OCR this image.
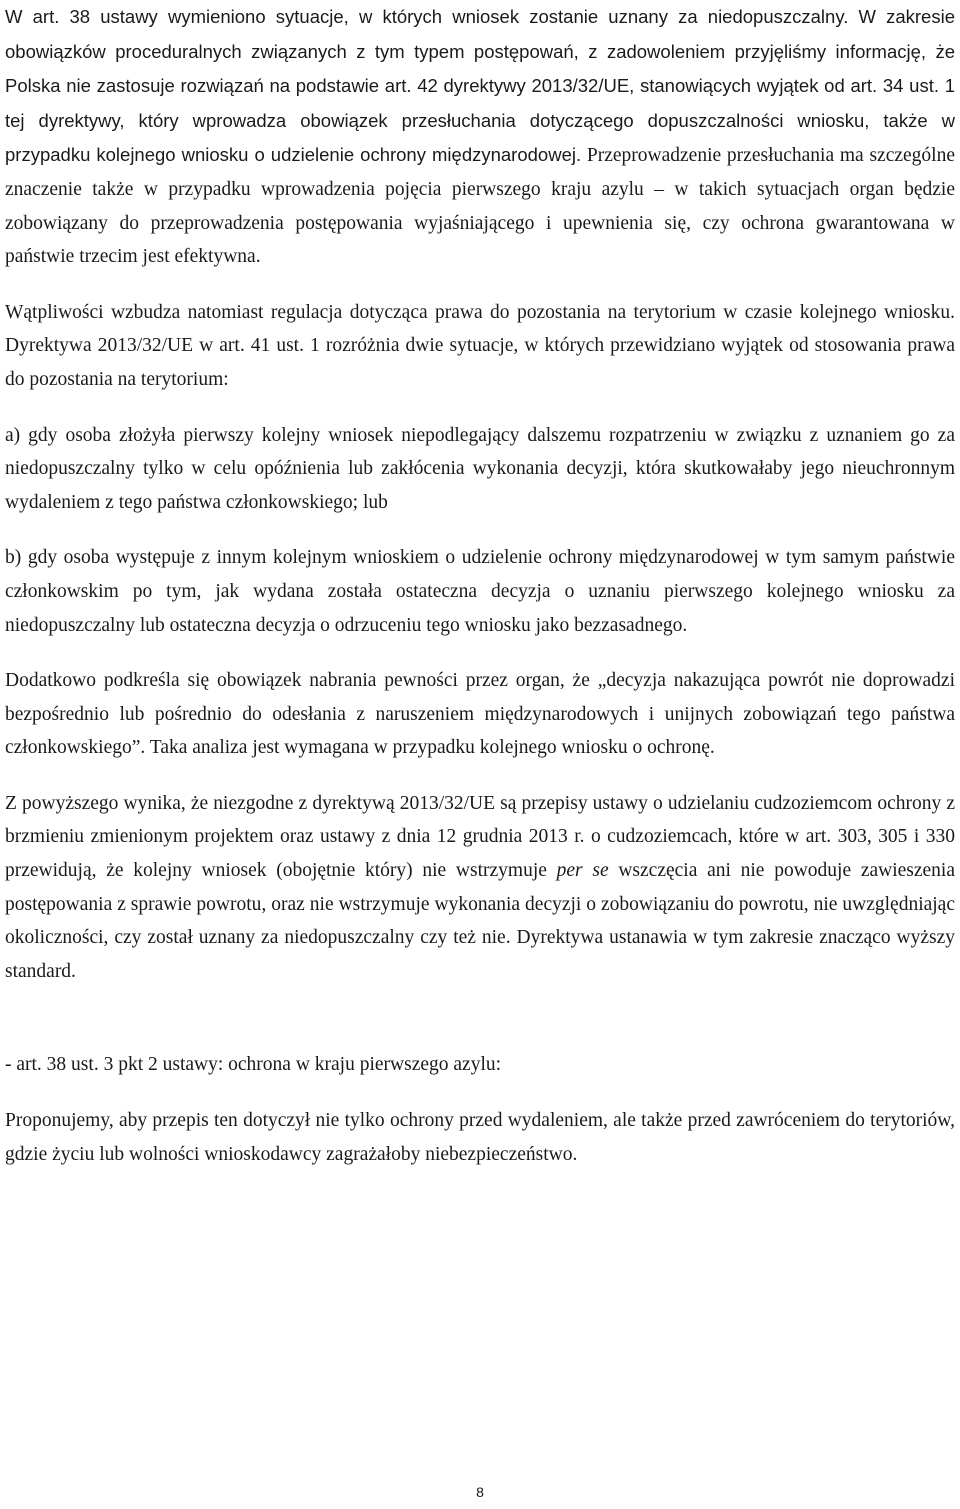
W art. 38 ustawy wymieniono sytuacje, w których wniosek zostanie uznany za niedopuszczalny. W zakresie obowiązków proceduralnych związanych z tym typem postępowań, z zadowoleniem przyjęliśmy informację, że Polska nie zastosuje rozwiązań na podstawie art. 42 dyrektywy 2013/32/UE, stanowiących wyjątek od art. 34 ust. 1 tej dyrektywy, który wprowadza obowiązek przesłuchania dotyczącego dopuszczalności wniosku, także w przypadku kolejnego wniosku o udzielenie ochrony międzynarodowej. Przeprowadzenie przesłuchania ma szczególne znaczenie także w przypadku wprowadzenia pojęcia pierwszego kraju azylu – w takich sytuacjach organ będzie zobowiązany do przeprowadzenia postępowania wyjaśniającego i upewnienia się, czy ochrona gwarantowana w państwie trzecim jest efektywna.

Wątpliwości wzbudza natomiast regulacja dotycząca prawa do pozostania na terytorium w czasie kolejnego wniosku. Dyrektywa 2013/32/UE w art. 41 ust. 1 rozróżnia dwie sytuacje, w których przewidziano wyjątek od stosowania prawa do pozostania na terytorium:

a) gdy osoba złożyła pierwszy kolejny wniosek niepodlegający dalszemu rozpatrzeniu w związku z uznaniem go za niedopuszczalny tylko w celu opóźnienia lub zakłócenia wykonania decyzji, która skutkowałaby jego nieuchronnym wydaleniem z tego państwa członkowskiego; lub

b) gdy osoba występuje z innym kolejnym wnioskiem o udzielenie ochrony międzynarodowej w tym samym państwie członkowskim po tym, jak wydana została ostateczna decyzja o uznaniu pierwszego kolejnego wniosku za niedopuszczalny lub ostateczna decyzja o odrzuceniu tego wniosku jako bezzasadnego.

Dodatkowo podkreśla się obowiązek nabrania pewności przez organ, że „decyzja nakazująca powrót nie doprowadzi bezpośrednio lub pośrednio do odesłania z naruszeniem międzynarodowych i unijnych zobowiązań tego państwa członkowskiego”. Taka analiza jest wymagana w przypadku kolejnego wniosku o ochronę.

Z powyższego wynika, że niezgodne z dyrektywą 2013/32/UE są przepisy ustawy o udzielaniu cudzoziemcom ochrony z brzmieniu zmienionym projektem oraz ustawy z dnia 12 grudnia 2013 r. o cudzoziemcach, które w art. 303, 305 i 330 przewidują, że kolejny wniosek (obojętnie który) nie wstrzymuje per se wszczęcia ani nie powoduje zawieszenia postępowania z sprawie powrotu, oraz nie wstrzymuje wykonania decyzji o zobowiązaniu do powrotu, nie uwzględniając okoliczności, czy został uznany za niedopuszczalny czy też nie. Dyrektywa ustanawia w tym zakresie znacząco wyższy standard.

- art. 38 ust. 3 pkt 2 ustawy: ochrona w kraju pierwszego azylu:

Proponujemy, aby przepis ten dotyczył nie tylko ochrony przed wydaleniem, ale także przed zawróceniem do terytoriów, gdzie życiu lub wolności wnioskodawcy zagrażałoby niebezpieczeństwo.

8
